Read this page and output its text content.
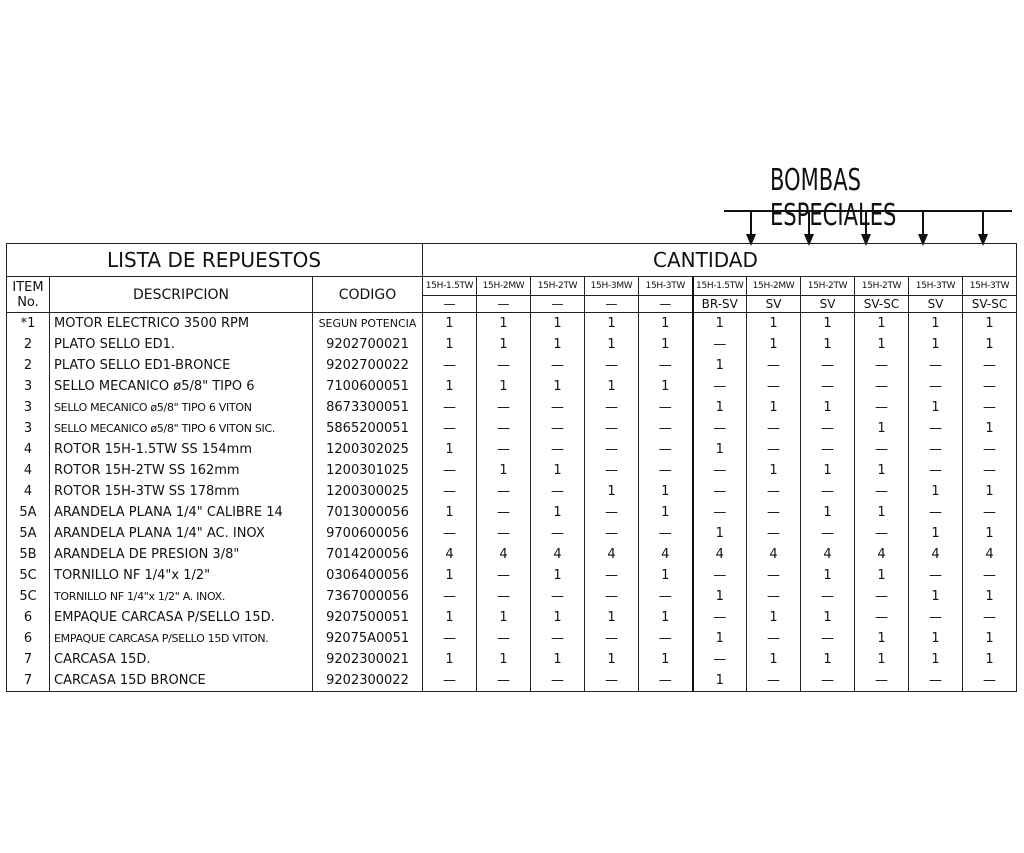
BOMBAS ESPECIALES
LISTA DE REPUESTOS			CANTIDAD										

ITEM
No.	DESCRIPCION	CODIGO	15H-1.5TW	15H-2MW	15H-2TW	15H-3MW	15H-3TW	15H-1.5TW	15H-2MW	15H-2TW	15H-2TW	15H-3TW	15H-3TW
			—	—	—	—	—	BR-SV	SV	SV	SV-SC	SV	SV-SC
*1	MOTOR ELECTRICO 3500 RPM	SEGUN POTENCIA	1	1	1	1	1	1	1	1	1	1	1
2	PLATO SELLO ED1.	9202700021	1	1	1	1	1	—	1	1	1	1	1
2	PLATO SELLO ED1-BRONCE	9202700022	—	—	—	—	—	1	—	—	—	—	—
3	SELLO MECANICO ø5/8" TIPO 6	7100600051	1	1	1	1	1	—	—	—	—	—	—
3	SELLO MECANICO ø5/8" TIPO 6 VITON	8673300051	—	—	—	—	—	1	1	1	—	1	—
3	SELLO MECANICO ø5/8" TIPO 6 VITON SIC.	5865200051	—	—	—	—	—	—	—	—	1	—	1
4	ROTOR 15H-1.5TW SS 154mm	1200302025	1	—	—	—	—	1	—	—	—	—	—
4	ROTOR 15H-2TW SS 162mm	1200301025	—	1	1	—	—	—	1	1	1	—	—
4	ROTOR 15H-3TW SS 178mm	1200300025	—	—	—	1	1	—	—	—	—	1	1
5A	ARANDELA PLANA 1/4" CALIBRE 14	7013000056	1	—	1	—	1	—	—	1	1	—	—
5A	ARANDELA PLANA 1/4" AC. INOX	9700600056	—	—	—	—	—	1	—	—	—	1	1
5B	ARANDELA DE PRESION 3/8"	7014200056	4	4	4	4	4	4	4	4	4	4	4
5C	TORNILLO NF 1/4"x 1/2"	0306400056	1	—	1	—	1	—	—	1	1	—	—
5C	TORNILLO NF 1/4"x 1/2" A. INOX.	7367000056	—	—	—	—	—	1	—	—	—	1	1
6	EMPAQUE CARCASA P/SELLO 15D.	9207500051	1	1	1	1	1	—	1	1	—	—	—
6	EMPAQUE CARCASA P/SELLO 15D VITON.	92075A0051	—	—	—	—	—	1	—	—	1	1	1
7	CARCASA 15D.	9202300021	1	1	1	1	1	—	1	1	1	1	1
7	CARCASA 15D BRONCE	9202300022	—	—	—	—	—	1	—	—	—	—	—
